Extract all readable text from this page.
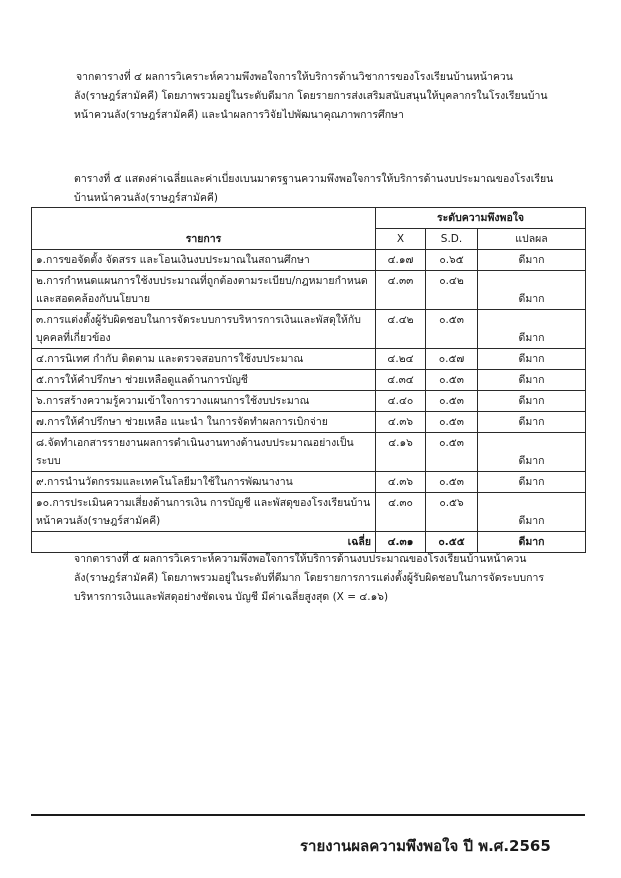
จากตารางที่ ๔ ผลการวิเคราะห์ความพึงพอใจการให้บริการด้านวิชาการของโรงเรียนบ้านหน้าควนลัง(ราษฎร์สามัคคี) โดยภาพรวมอยู่ในระดับดีมาก โดยรายการส่งเสริมสนับสนุนให้บุคลากรในโรงเรียนบ้านหน้าควนลัง(ราษฎร์สามัคคี) และนำผลการวิจัยไปพัฒนาคุณภาพการศึกษา

ตารางที่ ๕ แสดงค่าเฉลี่ยและค่าเบี่ยงเบนมาตรฐานความพึงพอใจการให้บริการด้านงบประมาณของโรงเรียนบ้านหน้าควนลัง(ราษฎร์สามัคคี)

รายการ	ระดับความพึงพอใจ		
	X	S.D.	แปลผล
๑.การขอจัดตั้ง จัดสรร และโอนเงินงบประมาณในสถานศึกษา	๔.๑๗	๐.๖๕	ดีมาก
๒.การกำหนดแผนการใช้งบประมาณที่ถูกต้องตามระเบียบ/กฎหมายกำหนด และสอดคล้องกับนโยบาย	๔.๓๓	๐.๔๒	ดีมาก
๓.การแต่งตั้งผู้รับผิดชอบในการจัดระบบการบริหารการเงินและพัสดุให้กับบุคคลที่เกี่ยวข้อง	๔.๔๒	๐.๕๓	ดีมาก
๔.การนิเทศ กำกับ ติดตาม และตรวจสอบการใช้งบประมาณ	๔.๒๔	๐.๕๗	ดีมาก
๕.การให้คำปรึกษา ช่วยเหลือดูแลด้านการบัญชี	๔.๓๔	๐.๕๓	ดีมาก
๖.การสร้างความรู้ความเข้าใจการวางแผนการใช้งบประมาณ	๔.๔๐	๐.๕๓	ดีมาก
๗.การให้คำปรึกษา ช่วยเหลือ แนะนำ ในการจัดทำผลการเบิกจ่าย	๔.๓๖	๐.๕๓	ดีมาก
๘.จัดทำเอกสารรายงานผลการดำเนินงานทางด้านงบประมาณอย่างเป็นระบบ	๔.๑๖	๐.๕๓	ดีมาก
๙.การนำนวัตกรรมและเทคโนโลยีมาใช้ในการพัฒนางาน	๔.๓๖	๐.๕๓	ดีมาก
๑๐.การประเมินความเสี่ยงด้านการเงิน การบัญชี และพัสดุของโรงเรียนบ้านหน้าควนลัง(ราษฎร์สามัคคี)	๔.๓๐	๐.๕๖	ดีมาก
เฉลี่ย	๔.๓๑	๐.๕๕	ดีมาก

จากตารางที่ ๕ ผลการวิเคราะห์ความพึงพอใจการให้บริการด้านงบประมาณของโรงเรียนบ้านหน้าควนลัง(ราษฎร์สามัคคี) โดยภาพรวมอยู่ในระดับที่ดีมาก โดยรายการการแต่งตั้งผู้รับผิดชอบในการจัดระบบการบริหารการเงินและพัสดุอย่างชัดเจน บัญชี มีค่าเฉลี่ยสูงสุด (X = ๔.๑๖)

รายงานผลความพึงพอใจ ปี พ.ศ.2565
